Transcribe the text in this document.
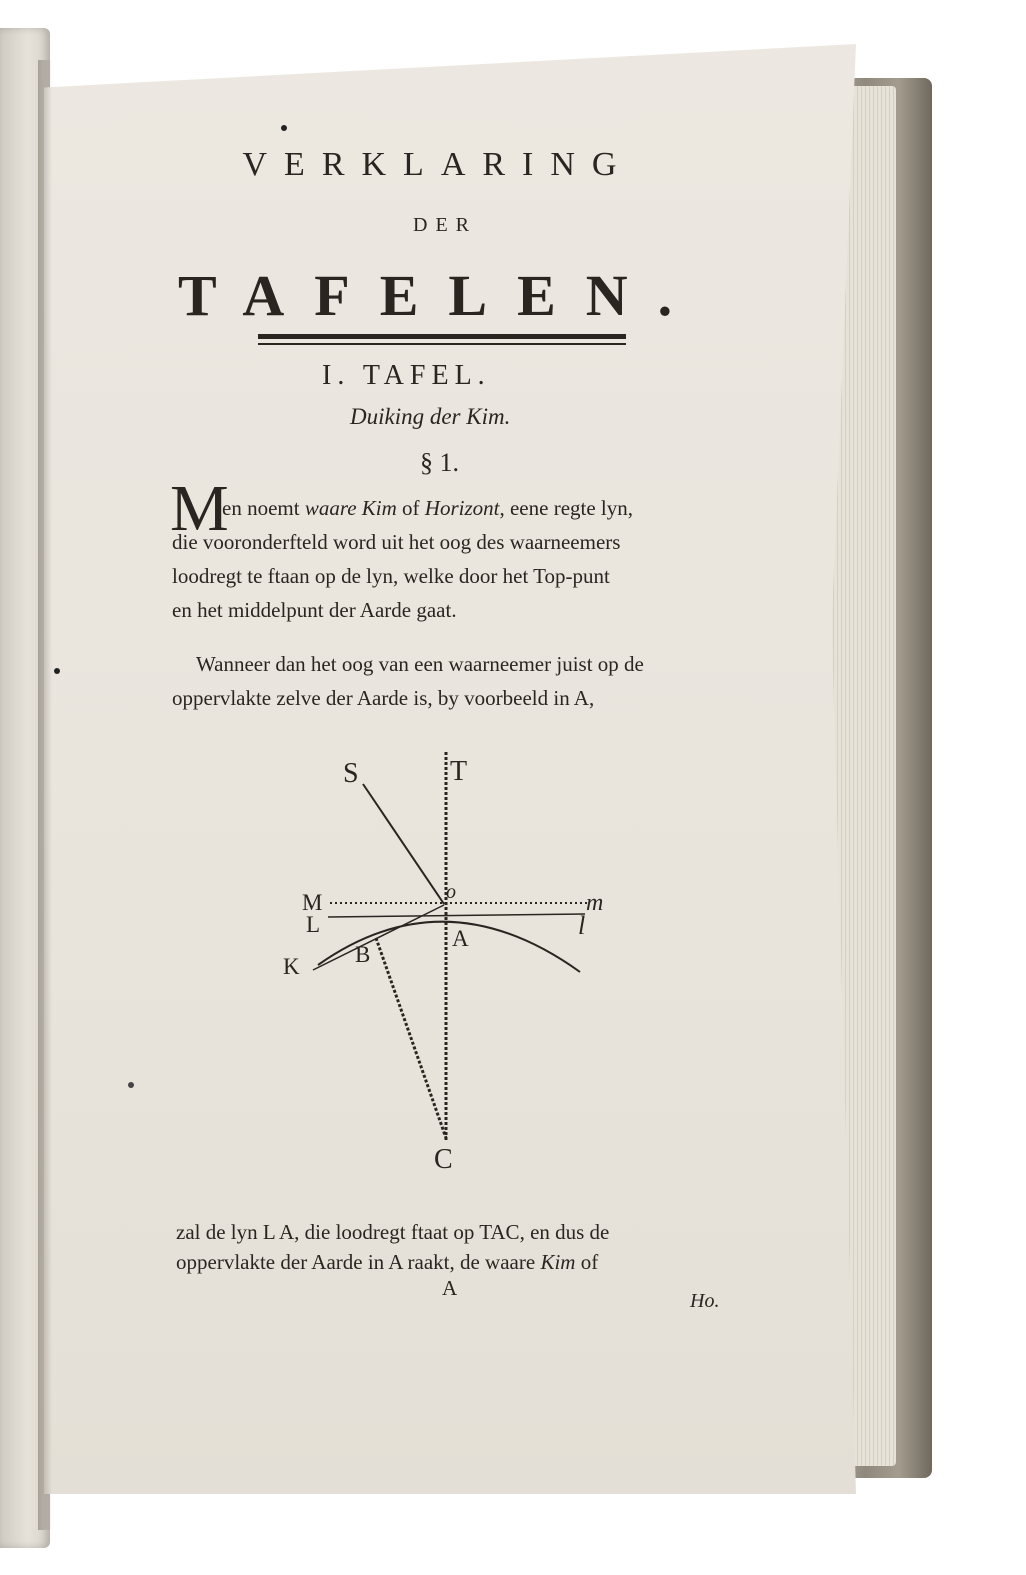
VERKLARING
DER
TAFELEN.
I. TAFEL.
Duiking der Kim.
§ 1.
M
en noemt waare Kim of Horizont, eene regte lyn,
die vooronderfteld word uit het oog des waarneemers
loodregt te ftaan op de lyn, welke door het Top-punt
en het middelpunt der Aarde gaat.
Wanneer dan het oog van een waarneemer juist op de
oppervlakte zelve der Aarde is, by voorbeeld in A,
S	T
M	o	m
L	l
A
B
K
C
zal de lyn L A, die loodregt ftaat op TAC, en dus de
oppervlakte der Aarde in A raakt, de waare Kim of
A
Ho.
